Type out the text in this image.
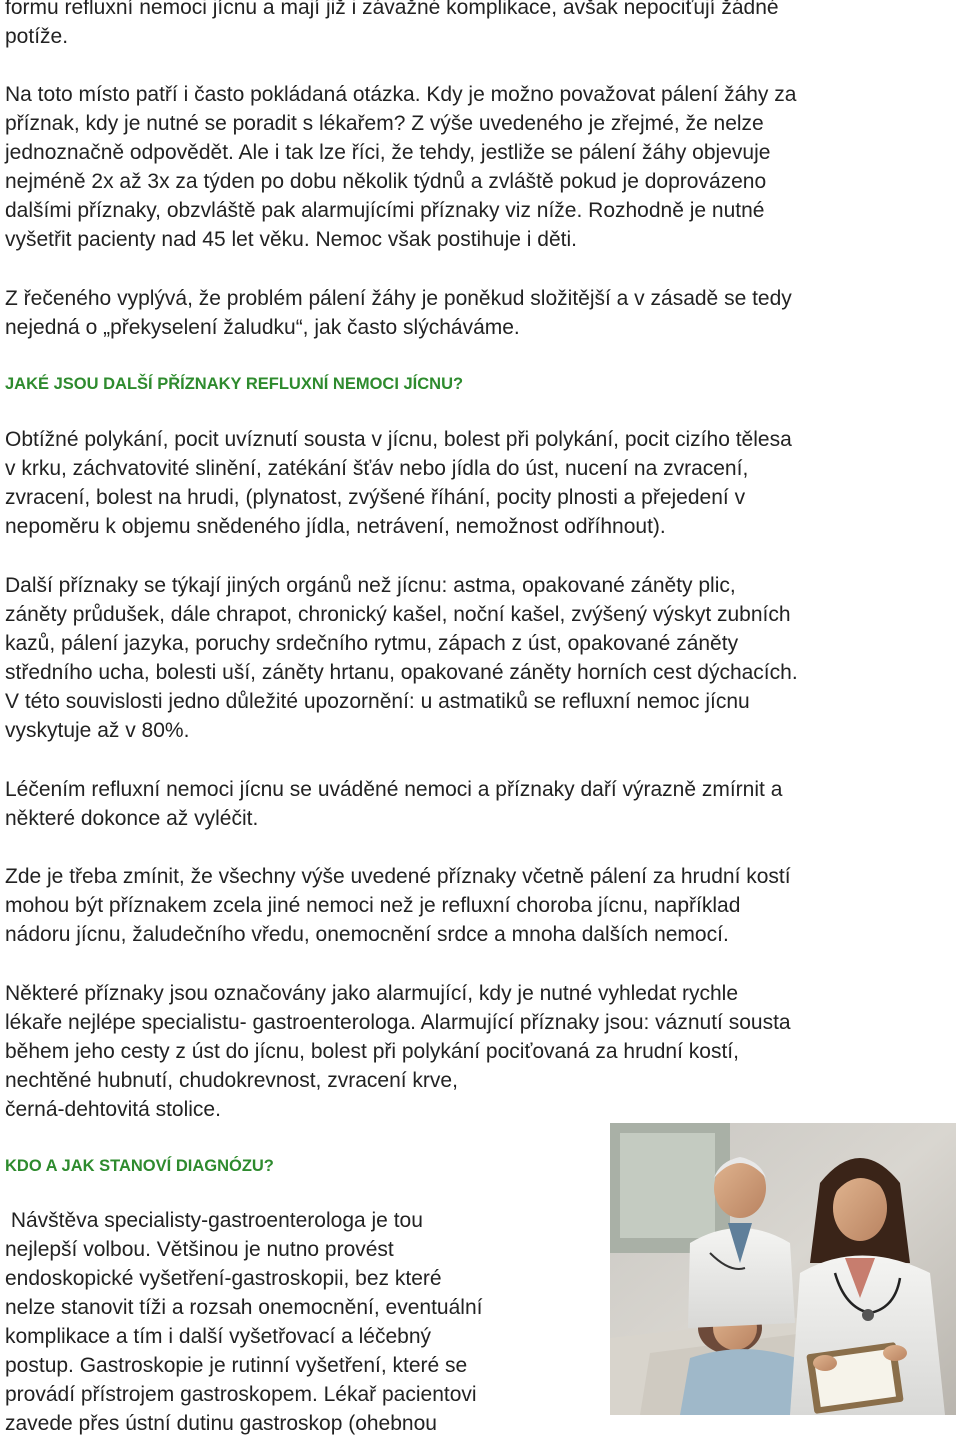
formu refluxní nemoci jícnu a mají již i závažné komplikace, avšak nepociťují žádné
potíže.
Na toto místo patří i často pokládaná otázka. Kdy je možno považovat pálení žáhy za
příznak, kdy je nutné se poradit s lékařem? Z výše uvedeného je zřejmé, že nelze
jednoznačně odpovědět. Ale i tak lze říci, že tehdy, jestliže se pálení žáhy objevuje
nejméně 2x až 3x za týden po dobu několik týdnů a zvláště pokud je doprovázeno
dalšími příznaky, obzvláště pak alarmujícími příznaky viz níže. Rozhodně je nutné
vyšetřit pacienty nad 45 let věku. Nemoc však postihuje i děti.
Z řečeného vyplývá, že problém pálení žáhy je poněkud složitější a v zásadě se tedy
nejedná o „překyselení žaludku“, jak často slýcháváme.
JAKÉ JSOU DALŠÍ PŘÍZNAKY REFLUXNÍ NEMOCI JÍCNU?
Obtížné polykání, pocit uvíznutí sousta v jícnu, bolest při polykání, pocit cizího tělesa
v krku, záchvatovité slinění, zatékání šťáv nebo jídla do úst, nucení na zvracení,
zvracení, bolest na hrudi, (plynatost, zvýšené říhání, pocity plnosti a přejedení v
nepoměru k objemu snědeného jídla, netrávení, nemožnost odříhnout).
Další příznaky se týkají jiných orgánů než jícnu: astma, opakované záněty plic,
záněty průdušek, dále chrapot, chronický kašel, noční kašel, zvýšený výskyt zubních
kazů, pálení jazyka, poruchy srdečního rytmu, zápach z úst, opakované záněty
středního ucha, bolesti uší, záněty hrtanu, opakované záněty horních cest dýchacích.
V této souvislosti jedno důležité upozornění: u astmatiků se refluxní nemoc jícnu
vyskytuje až v 80%.
Léčením refluxní nemoci jícnu se uváděné nemoci a příznaky daří výrazně zmírnit a
některé dokonce až vyléčit.
Zde je třeba zmínit, že všechny výše uvedené příznaky včetně pálení za hrudní kostí
mohou být příznakem zcela jiné nemoci než je refluxní choroba jícnu, například
nádoru jícnu, žaludečního vředu, onemocnění srdce a mnoha dalších nemocí.
Některé příznaky jsou označovány jako alarmující, kdy je nutné vyhledat rychle
lékaře nejlépe specialistu- gastroenterologa. Alarmující příznaky jsou: váznutí sousta
během jeho cesty z úst do jícnu, bolest při polykání pociťovaná za hrudní kostí,
nechtěné hubnutí, chudokrevnost, zvracení krve,
černá-dehtovitá stolice.
KDO A JAK STANOVÍ DIAGNÓZU?
Návštěva specialisty-gastroenterologa je tou
nejlepší volbou. Většinou je nutno provést
endoskopické vyšetření-gastroskopii, bez které
nelze stanovit tíži a rozsah onemocnění, eventuální
komplikace a tím i další vyšetřovací a léčebný
postup. Gastroskopie je rutinní vyšetření, které se
provádí přístrojem gastroskopem. Lékař pacientovi
zavede přes ústní dutinu gastroskop (ohebnou
